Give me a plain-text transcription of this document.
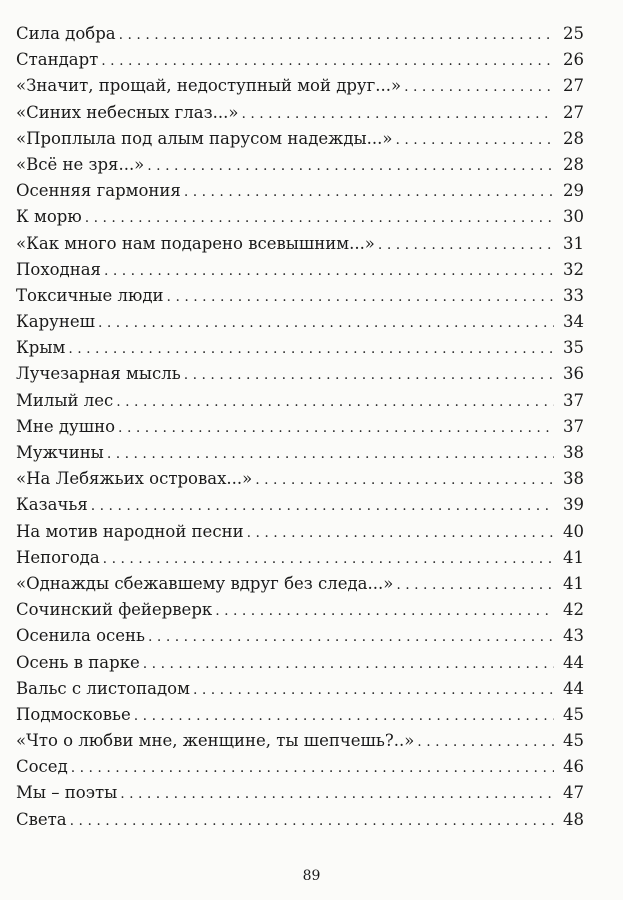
Сила добра . . .	25
Стандарт . . .	26
«Значит, прощай, недоступный мой друг...» . . .	27
«Синих небесных глаз...» . . .	27
«Проплыла под алым парусом надежды...» . . .	28
«Всё не зря...» . . .	28
Осенняя гармония . . .	29
К морю . . .	30
«Как много нам подарено всевышним...» . . .	31
Походная . . .	32
Токсичные люди . . .	33
Карунеш . . .	34
Крым . . .	35
Лучезарная мысль . . .	36
Милый лес . . .	37
Мне душно . . .	37
Мужчины . . .	38
«На Лебяжьих островах...» . . .	38
Казачья . . .	39
На мотив народной песни . . .	40
Непогода . . .	41
«Однажды сбежавшему вдруг без следа...» . . .	41
Сочинский фейерверк . . .	42
Осенила осень . . .	43
Осень в парке . . .	44
Вальс с листопадом . . .	44
Подмосковье . . .	45
«Что о любви мне, женщине, ты шепчешь?..» . . .	45
Сосед . . .	46
Мы – поэты . . .	47
Света . . .	48
89
